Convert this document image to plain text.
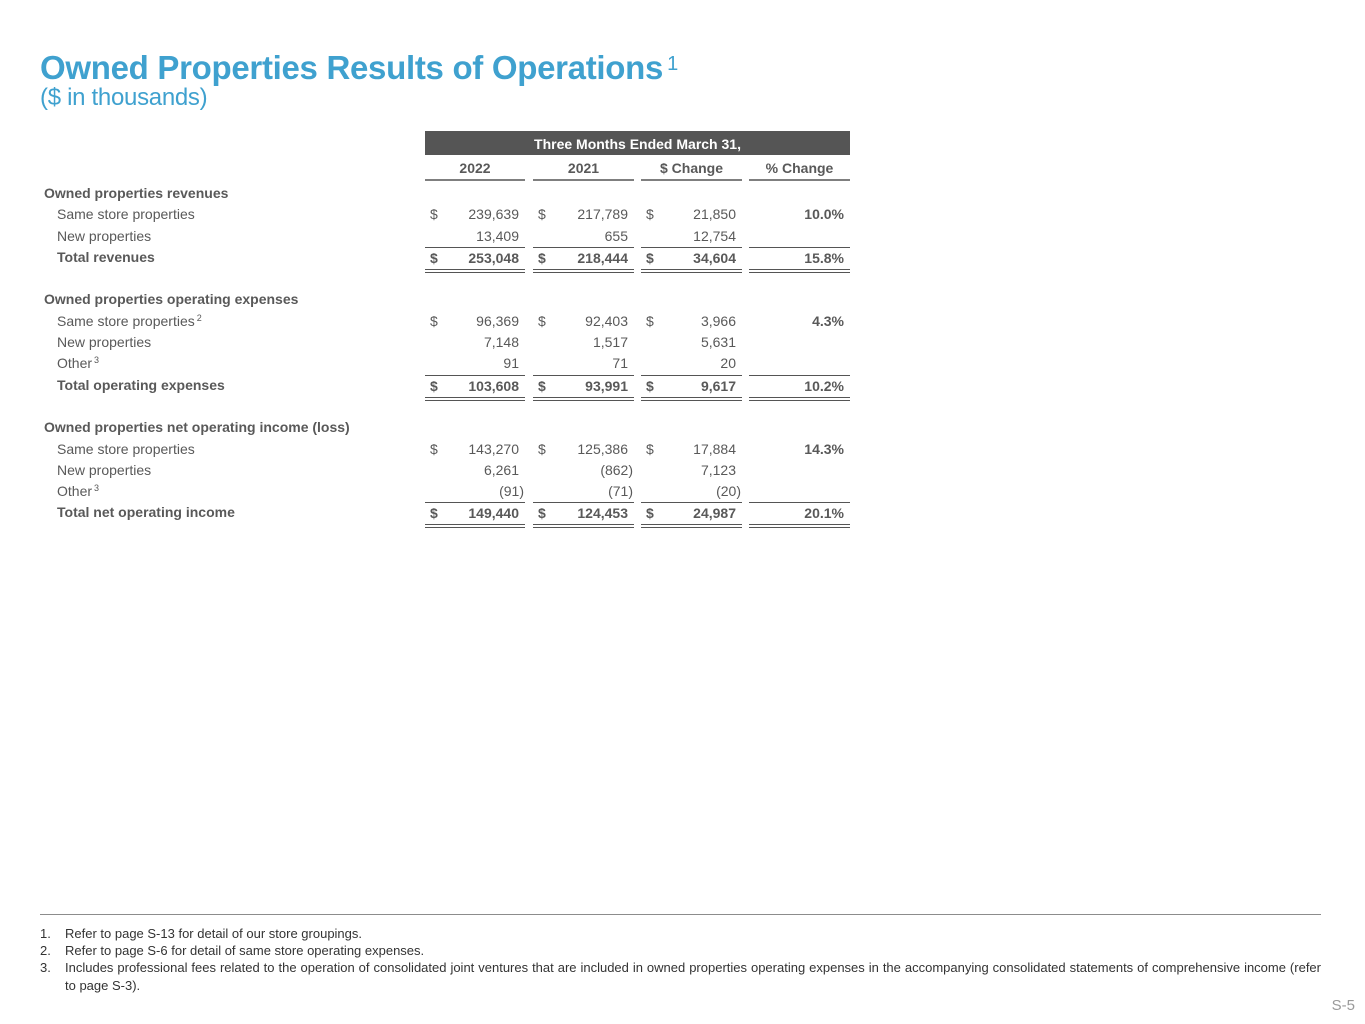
Owned Properties Results of Operations $^1$
($ in thousands)
Three Months Ended March 31,
2022	2021	$ Change	% Change
Owned properties revenues
Same store properties	$ 239,639 $ 217,789 $	21,850	10.0%
New properties	13,409	655	12,754
Total revenues	$ 253,048 $ 218,444 $	34,604	15.8%
Owned properties operating expenses
Same store properties $^2$	$	96,369 $	92,403 $	3,966	4.3%
New properties	7,148	1,517	5,631
Other $^3$	91	71	20
Total operating expenses	$ 103,608 $	93,991 $	9,617	10.2%
Owned properties net operating income (loss)
Same store properties	$ 143,270 $ 125,386 $	17,884	14.3%
New properties	6,261	(862)	7,123
Other $^3$	(91)	(71)	(20)
Total net operating income	$ 149,440 $ 124,453 $	24,987	20.1%
1. Refer to page S-13 for detail of our store groupings.
2. Refer to page S-6 for detail of same store operating expenses.
3. Includes professional fees related to the operation of consolidated joint ventures that are included in owned properties operating expenses in the accompanying consolidated statements of comprehensive income (refer to page S-3).
S-5
